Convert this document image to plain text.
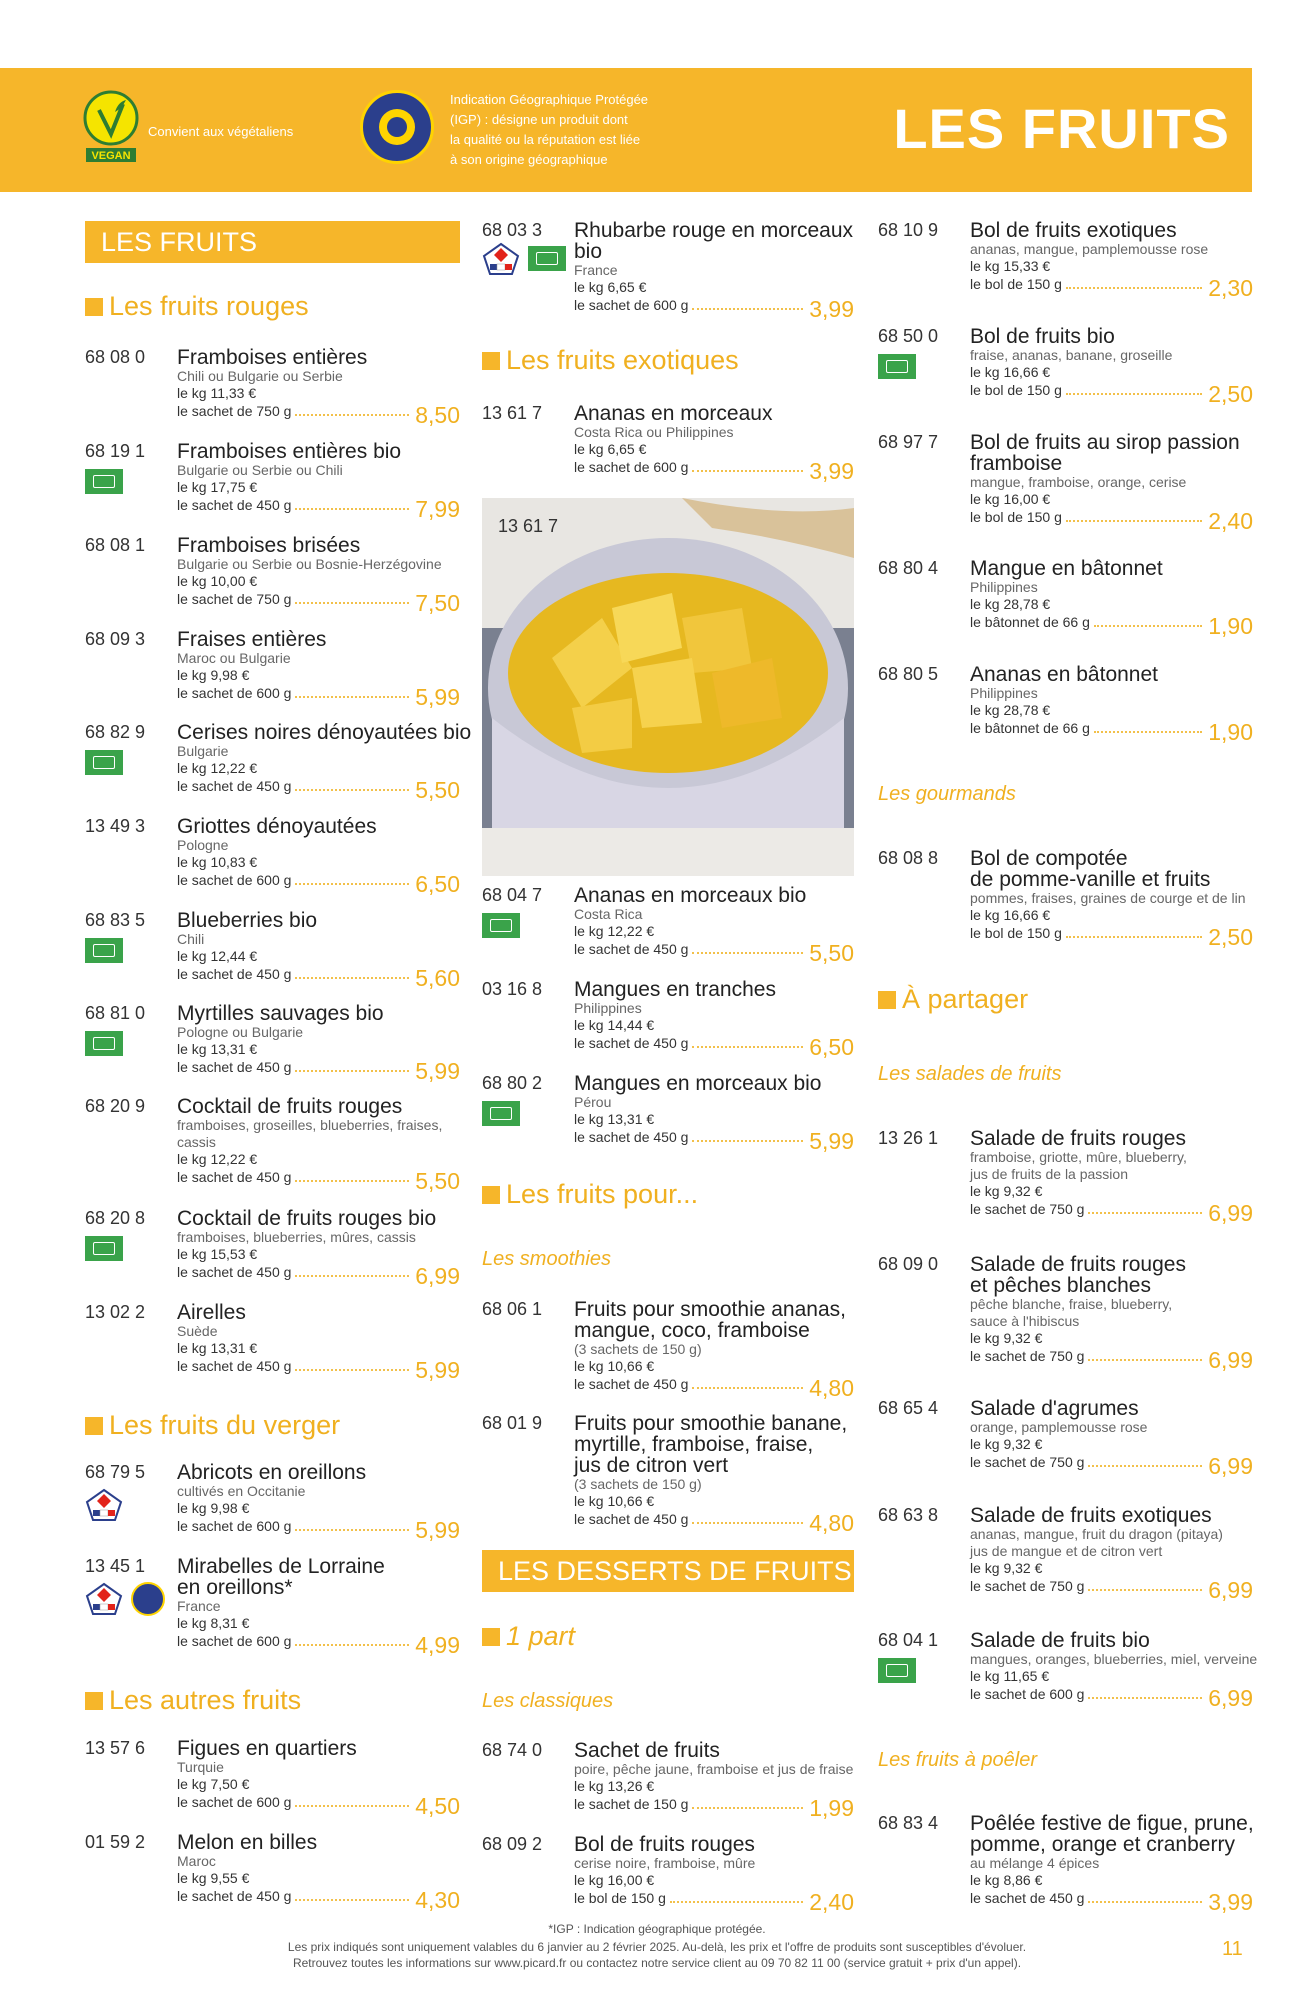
VEGAN
Convient aux végétaliens
Indication Géographique Protégée
(IGP) : désigne un produit dont
la qualité ou la réputation est liée
à son origine géographique	LES FRUITS
LES FRUITS
Les fruits rouges
Les fruits du verger
Les autres fruits
Les fruits exotiques
Les fruits pour...
Les smoothies
LES DESSERTS DE FRUITS
1 part
Les classiques
Les gourmands
À partager
Les salades de fruits
Les fruits à poêler
13 61 7
68 08 0 Framboises entières
Chili ou Bulgarie ou Serbie
le kg 11,33 €
le sachet de 750 g	8,50
68 19 1 Framboises entières bio
Bulgarie ou Serbie ou Chili
le kg 17,75 €
le sachet de 450 g	7,99
68 08 1 Framboises brisées
Bulgarie ou Serbie ou Bosnie-Herzégovine
le kg 10,00 €
le sachet de 750 g	7,50
68 09 3 Fraises entières
Maroc ou Bulgarie
le kg 9,98 €
le sachet de 600 g	5,99
68 82 9 Cerises noires dénoyautées bio
Bulgarie
le kg 12,22 €
le sachet de 450 g	5,50
13 49 3 Griottes dénoyautées
Pologne
le kg 10,83 €
le sachet de 600 g	6,50
68 83 5 Blueberries bio
Chili
le kg 12,44 €
le sachet de 450 g	5,60
68 81 0 Myrtilles sauvages bio
Pologne ou Bulgarie
le kg 13,31 €
le sachet de 450 g	5,99
68 20 9 Cocktail de fruits rouges
framboises, groseilles, blueberries, fraises,
cassis
le kg 12,22 €
le sachet de 450 g	5,50
68 20 8 Cocktail de fruits rouges bio
framboises, blueberries, mûres, cassis
le kg 15,53 €
le sachet de 450 g	6,99
13 02 2 Airelles
Suède
le kg 13,31 €
le sachet de 450 g	5,99
68 79 5 Abricots en oreillons
cultivés en Occitanie
le kg 9,98 €
le sachet de 600 g	5,99
13 45 1 Mirabelles de Lorraine
en oreillons*
France
le kg 8,31 €
le sachet de 600 g	4,99
13 57 6 Figues en quartiers
Turquie
le kg 7,50 €
le sachet de 600 g	4,50
01 59 2 Melon en billes
Maroc
le kg 9,55 €
le sachet de 450 g	4,30
68 03 3 Rhubarbe rouge en morceaux
bio
France
le kg 6,65 €
le sachet de 600 g	3,99
13 61 7 Ananas en morceaux
Costa Rica ou Philippines
le kg 6,65 €
le sachet de 600 g	3,99
68 04 7 Ananas en morceaux bio
Costa Rica
le kg 12,22 €
le sachet de 450 g	5,50
03 16 8 Mangues en tranches
Philippines
le kg 14,44 €
le sachet de 450 g	6,50
68 80 2 Mangues en morceaux bio
Pérou
le kg 13,31 €
le sachet de 450 g	5,99
68 06 1 Fruits pour smoothie ananas,
mangue, coco, framboise
(3 sachets de 150 g)
le kg 10,66 €
le sachet de 450 g	4,80
68 01 9 Fruits pour smoothie banane,
myrtille, framboise, fraise,
jus de citron vert
(3 sachets de 150 g)
le kg 10,66 €
le sachet de 450 g	4,80
68 74 0 Sachet de fruits
poire, pêche jaune, framboise et jus de fraise
le kg 13,26 €
le sachet de 150 g	1,99
68 09 2 Bol de fruits rouges
cerise noire, framboise, mûre
le kg 16,00 €
le bol de 150 g	2,40
68 10 9 Bol de fruits exotiques
ananas, mangue, pamplemousse rose
le kg 15,33 €
le bol de 150 g	2,30
68 50 0 Bol de fruits bio
fraise, ananas, banane, groseille
le kg 16,66 €
le bol de 150 g	2,50
68 97 7 Bol de fruits au sirop passion
framboise
mangue, framboise, orange, cerise
le kg 16,00 €
le bol de 150 g	2,40
68 80 4 Mangue en bâtonnet
Philippines
le kg 28,78 €
le bâtonnet de 66 g	1,90
68 80 5 Ananas en bâtonnet
Philippines
le kg 28,78 €
le bâtonnet de 66 g	1,90
68 08 8 Bol de compotée
de pomme-vanille et fruits
pommes, fraises, graines de courge et de lin
le kg 16,66 €
le bol de 150 g	2,50
13 26 1 Salade de fruits rouges
framboise, griotte, mûre, blueberry,
jus de fruits de la passion
le kg 9,32 €
le sachet de 750 g	6,99
68 09 0 Salade de fruits rouges
et pêches blanches
pêche blanche, fraise, blueberry,
sauce à l'hibiscus
le kg 9,32 €
le sachet de 750 g	6,99
68 65 4 Salade d'agrumes
orange, pamplemousse rose
le kg 9,32 €
le sachet de 750 g	6,99
68 63 8 Salade de fruits exotiques
ananas, mangue, fruit du dragon (pitaya)
jus de mangue et de citron vert
le kg 9,32 €
le sachet de 750 g	6,99
68 04 1 Salade de fruits bio
mangues, oranges, blueberries, miel, verveine
le kg 11,65 €
le sachet de 600 g	6,99
68 83 4 Poêlée festive de figue, prune,
pomme, orange et cranberry
au mélange 4 épices
le kg 8,86 €
le sachet de 450 g	3,99
*IGP : Indication géographique protégée.
Les prix indiqués sont uniquement valables du 6 janvier au 2 février 2025. Au-delà, les prix et l'offre de produits sont susceptibles d'évoluer.
Retrouvez toutes les informations sur www.picard.fr ou contactez notre service client au 09 70 82 11 00 (service gratuit + prix d'un appel).
11
